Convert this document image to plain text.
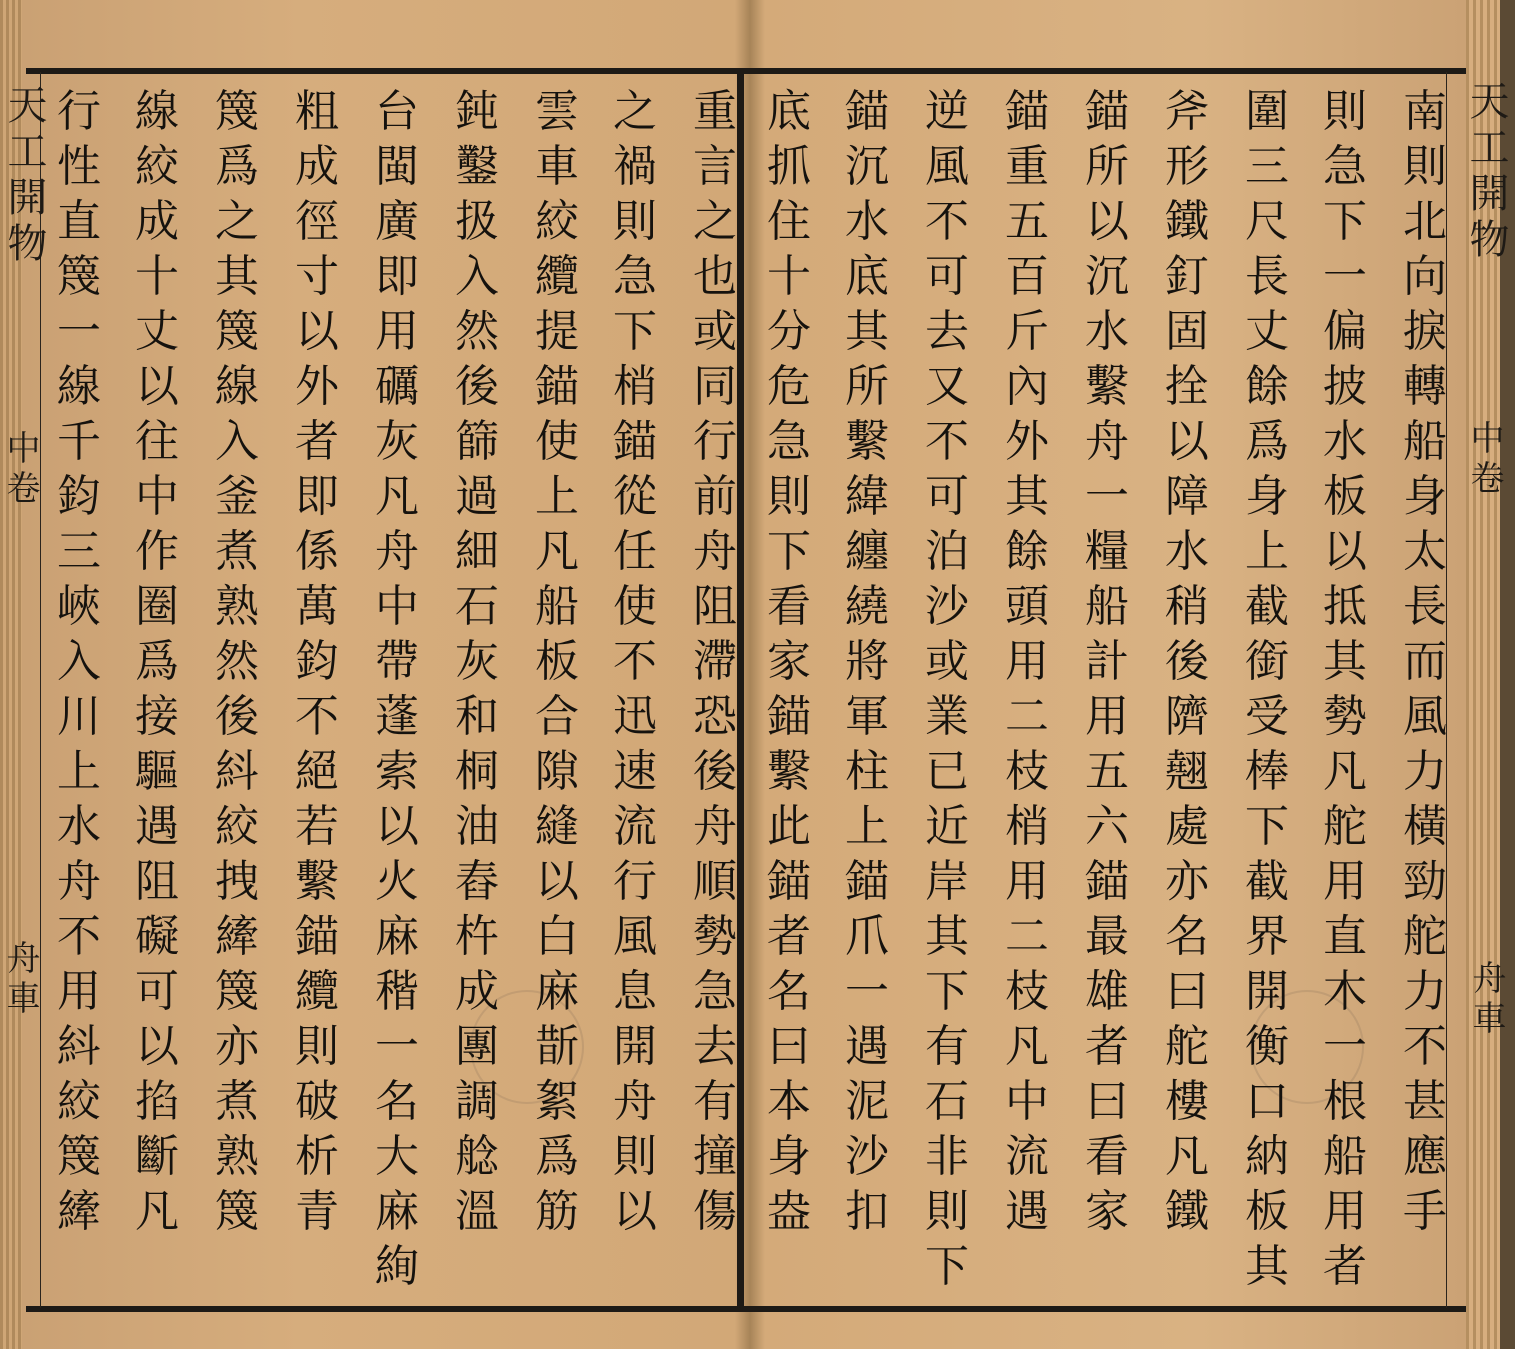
天工開物
中卷
舟車
天工開物
中卷
舟車
南
則
北
向
捩
轉
船
身
太
長
而
風
力
橫
勁
舵
力
不
甚
應
手
則
急
下
一
偏
披
水
板
以
抵
其
勢
凡
舵
用
直
木
一
根
船
用
者
圍
三
尺
長
丈
餘
爲
身
上
截
銜
受
棒
下
截
界
開
衡
口
納
板
其
斧
形
鐵
釘
固
拴
以
障
水
稍
後
隮
翹
處
亦
名
曰
舵
樓
凡
鐵
錨
所
以
沉
水
繫
舟
一
糧
船
計
用
五
六
錨
最
雄
者
曰
看
家
錨
重
五
百
斤
內
外
其
餘
頭
用
二
枝
梢
用
二
枝
凡
中
流
遇
逆
風
不
可
去
又
不
可
泊
沙
或
業
已
近
岸
其
下
有
石
非
則
下
錨
沉
水
底
其
所
繫
緯
纏
繞
將
軍
柱
上
錨
爪
一
遇
泥
沙
扣
底
抓
住
十
分
危
急
則
下
看
家
錨
繫
此
錨
者
名
曰
本
身
盎
重
言
之
也
或
同
行
前
舟
阻
滯
恐
後
舟
順
勢
急
去
有
撞
傷
之
禍
則
急
下
梢
錨
從
任
使
不
迅
速
流
行
風
息
開
舟
則
以
雲
車
絞
纜
提
錨
使
上
凡
船
板
合
隙
縫
以
白
麻
斮
絮
爲
筋
鈍
鑿
扱
入
然
後
篩
過
細
石
灰
和
桐
油
舂
杵
成
團
調
艌
溫
台
閩
廣
即
用
礪
灰
凡
舟
中
帶
蓬
索
以
火
麻
稭
一
名
大
麻
絢
粗
成
徑
寸
以
外
者
即
係
萬
鈞
不
絕
若
繫
錨
纜
則
破
析
青
篾
爲
之
其
篾
線
入
釜
煮
熟
然
後
紏
絞
拽
縴
篾
亦
煮
熟
篾
線
絞
成
十
丈
以
往
中
作
圈
爲
接
驅
遇
阻
礙
可
以
掐
斷
凡
行
性
直
篾
一
線
千
鈞
三
峽
入
川
上
水
舟
不
用
紏
絞
篾
縴
